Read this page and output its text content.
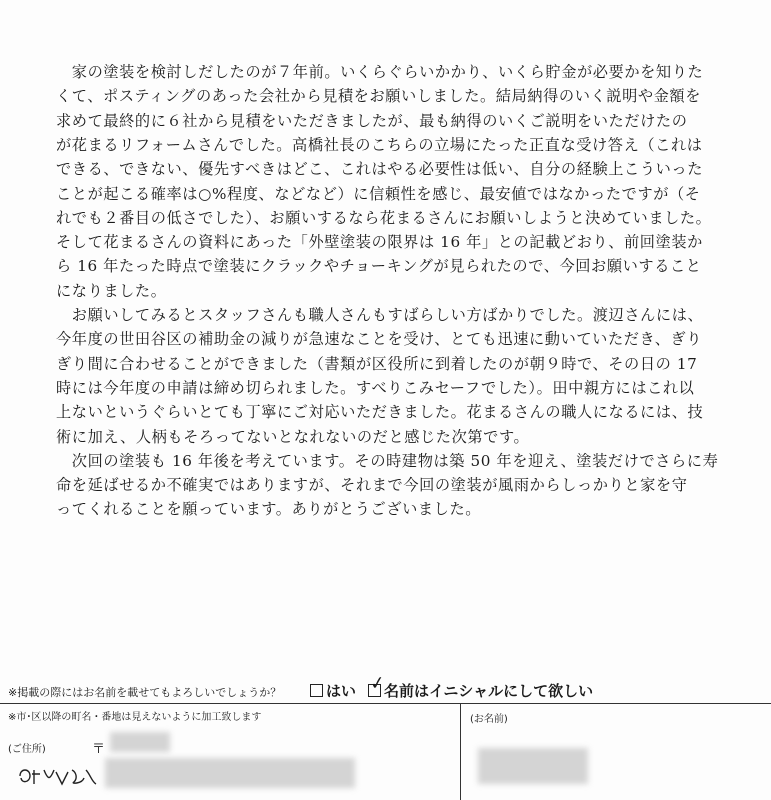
　家の塗装を検討しだしたのが７年前。いくらぐらいかかり、いくら貯金が必要かを知りた
くて、ポスティングのあった会社から見積をお願いしました。結局納得のいく説明や金額を
求めて最終的に６社から見積をいただきましたが、最も納得のいくご説明をいただけたの
が花まるリフォームさんでした。高橋社長のこちらの立場にたった正直な受け答え（これは
できる、できない、優先すべきはどこ、これはやる必要性は低い、自分の経験上こういった
ことが起こる確率は○%程度、などなど）に信頼性を感じ、最安値ではなかったですが（そ
れでも２番目の低さでした）、お願いするなら花まるさんにお願いしようと決めていました。
そして花まるさんの資料にあった「外壁塗装の限界は 16 年」との記載どおり、前回塗装か
ら 16 年たった時点で塗装にクラックやチョーキングが見られたので、今回お願いすること
になりました。
　お願いしてみるとスタッフさんも職人さんもすばらしい方ばかりでした。渡辺さんには、
今年度の世田谷区の補助金の減りが急速なことを受け、とても迅速に動いていただき、ぎり
ぎり間に合わせることができました（書類が区役所に到着したのが朝９時で、その日の 17
時には今年度の申請は締め切られました。すべりこみセーフでした）。田中親方にはこれ以
上ないというぐらいとても丁寧にご対応いただきました。花まるさんの職人になるには、技
術に加え、人柄もそろってないとなれないのだと感じた次第です。
　次回の塗装も 16 年後を考えています。その時建物は築 50 年を迎え、塗装だけでさらに寿
命を延ばせるか不確実ではありますが、それまで今回の塗装が風雨からしっかりと家を守
ってくれることを願っています。ありがとうございました。
※掲載の際にはお名前を載せてもよろしいでしょうか？	はい ✓
名前はイニシャルにして欲しい
※市･区以降の町名・番地は見えないように加工致します
(ご住所)	〒
(お名前)
